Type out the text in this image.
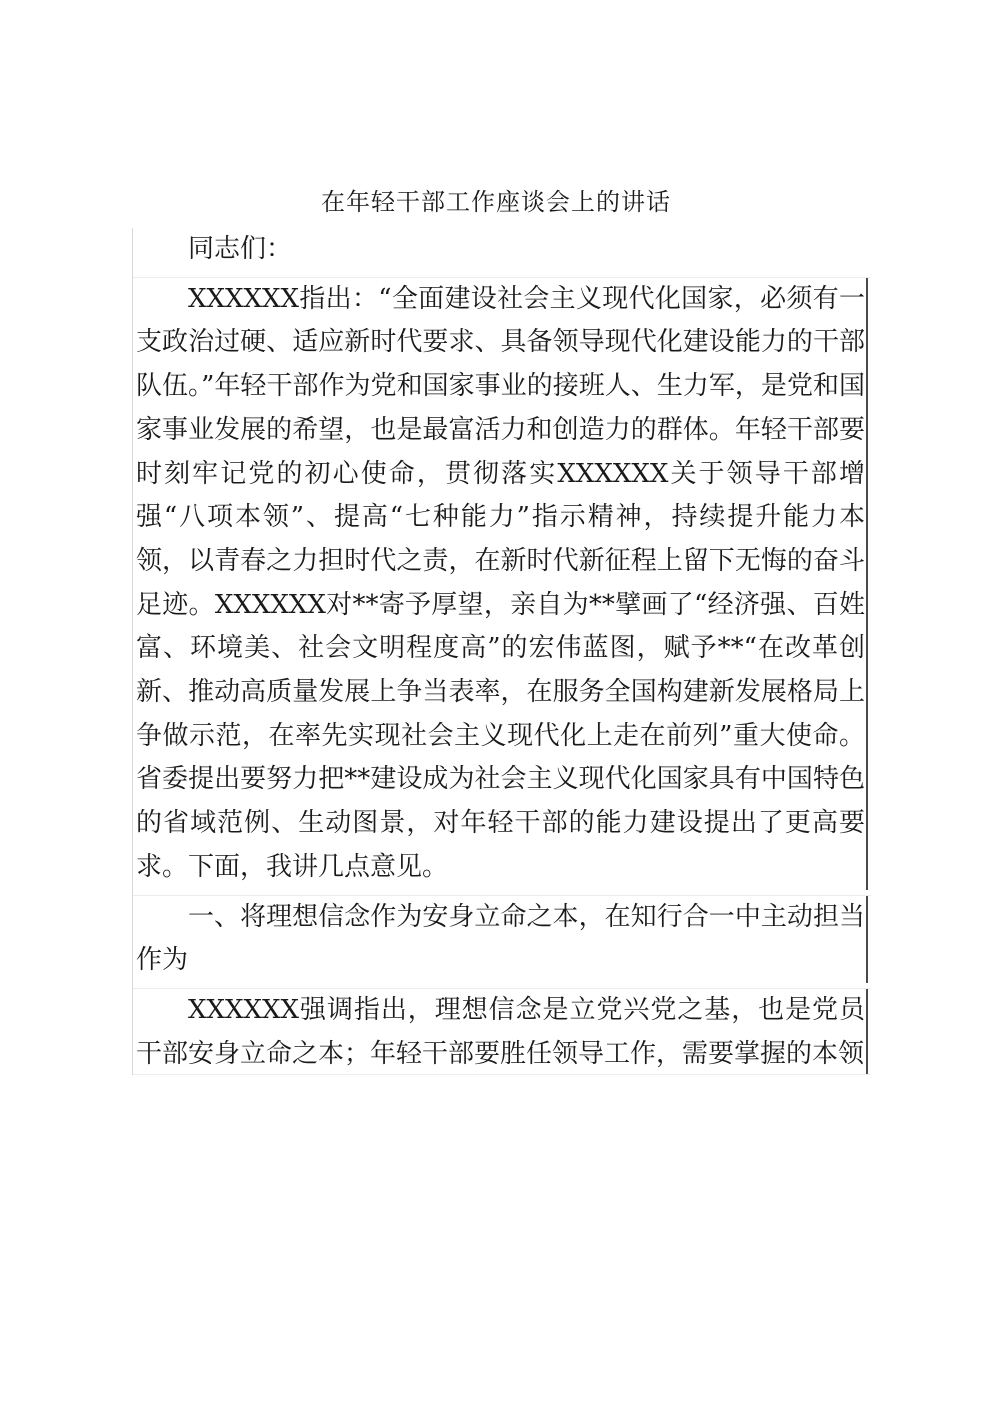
在年轻干部工作座谈会上的讲话

同志们：

XXXXXX指出：“全面建设社会主义现代化国家，必须有一支政治过硬、适应新时代要求、具备领导现代化建设能力的干部队伍。”年轻干部作为党和国家事业的接班人、生力军，是党和国家事业发展的希望，也是最富活力和创造力的群体。年轻干部要时刻牢记党的初心使命，贯彻落实XXXXXX关于领导干部增强“八项本领”、提高“七种能力”指示精神，持续提升能力本领，以青春之力担时代之责，在新时代新征程上留下无悔的奋斗足迹。XXXXXX对**寄予厚望，亲自为**擘画了“经济强、百姓富、环境美、社会文明程度高”的宏伟蓝图，赋予**“在改革创新、推动高质量发展上争当表率，在服务全国构建新发展格局上争做示范，在率先实现社会主义现代化上走在前列”重大使命。省委提出要努力把**建设成为社会主义现代化国家具有中国特色的省域范例、生动图景，对年轻干部的能力建设提出了更高要求。下面，我讲几点意见。

一、将理想信念作为安身立命之本，在知行合一中主动担当作为

XXXXXX强调指出，理想信念是立党兴党之基，也是党员干部安身立命之本；年轻干部要胜任领导工作，需要掌握的本领
